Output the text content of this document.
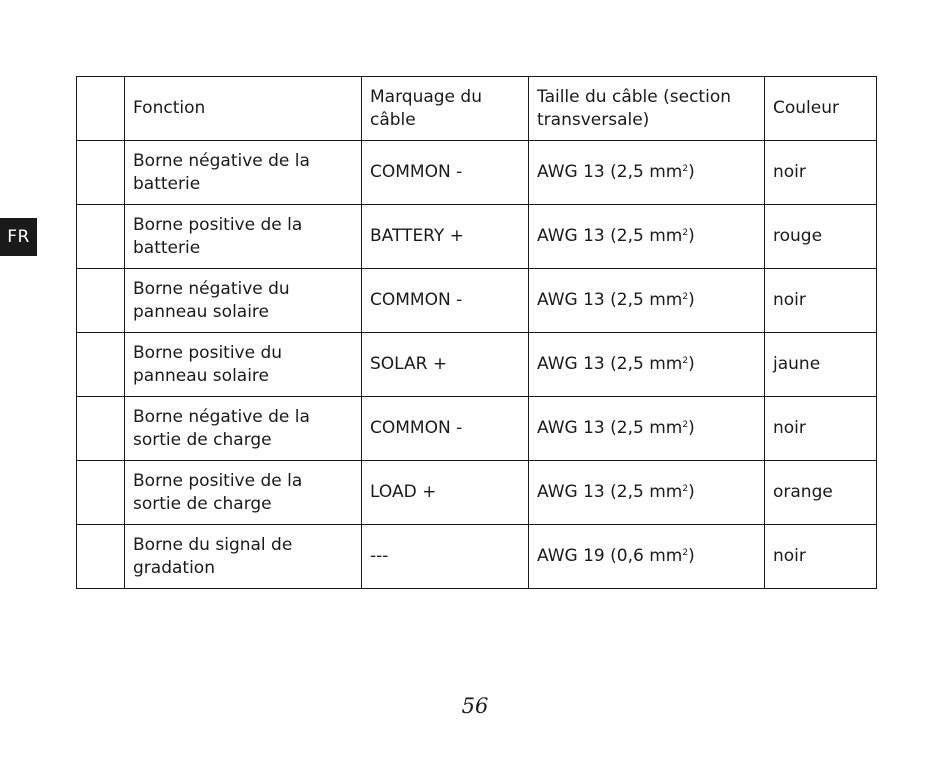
FR
	Fonction	Marquage du câble	Taille du câble (section transversale)	Couleur
	Borne négative de la batterie	COMMON -	AWG 13 (2,5 $mm^2$)	noir
	Borne positive de la batterie	BATTERY +	AWG 13 (2,5 $mm^2$)	rouge
	Borne négative du panneau solaire	COMMON -	AWG 13 (2,5 $mm^2$)	noir
	Borne positive du panneau solaire	SOLAR +	AWG 13 (2,5 $mm^2$)	jaune
	Borne négative de la sortie de charge	COMMON -	AWG 13 (2,5 $mm^2$)	noir
	Borne positive de la sortie de charge	LOAD +	AWG 13 (2,5 $mm^2$)	orange
	Borne du signal de gradation	---	AWG 19 (0,6 $mm^2$)	noir
56
